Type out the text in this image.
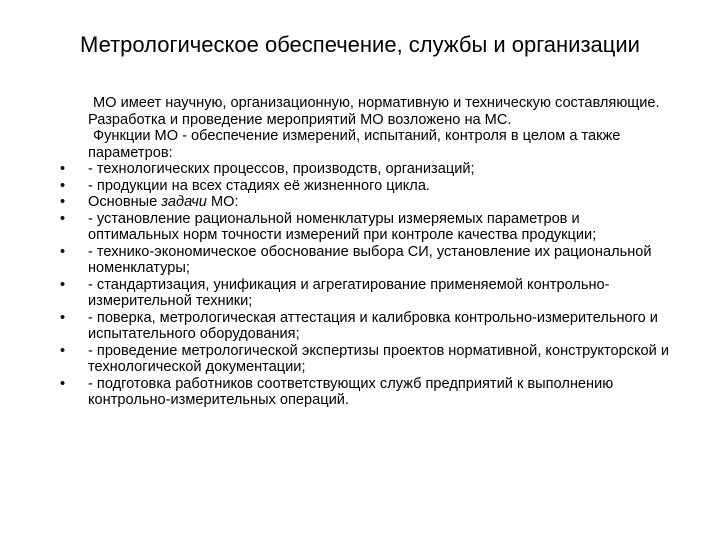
Метрологическое обеспечение, службы и организации
МО имеет научную, организационную, нормативную и техническую составляющие. Разработка и проведение мероприятий МО возложено на МС.
Функции МО - обеспечение измерений, испытаний, контроля в целом а также параметров:
•	- технологических процессов, производств, организаций;
•	- продукции на всех стадиях её жизненного цикла.
•	Основные задачи МО:
•	- установление рациональной номенклатуры измеряемых параметров и оптимальных норм точности измерений при контроле качества продукции;
•	- технико-экономическое обоснование выбора СИ, установление их рациональной номенклатуры;
•	- стандартизация, унификация и агрегатирование применяемой контрольно-измерительной техники;
•	- поверка, метрологическая аттестация и калибровка контрольно-измерительного и испытательного оборудования;
•	- проведение метрологической экспертизы проектов нормативной, конструкторской и технологической документации;
•	- подготовка работников соответствующих служб предприятий к выполнению контрольно-измерительных операций.
